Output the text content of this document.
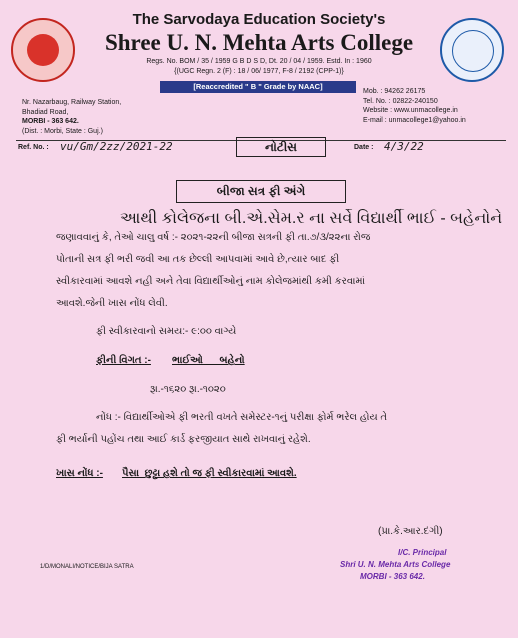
The Sarvodaya Education Society's
Shree U. N. Mehta Arts College
Regs. No. BOM / 35 / 1959 G B D S D, Dt. 20 / 04 / 1959. Estd. In : 1960
{(UGC Regn. 2 (F) : 18 / 06/ 1977, F-8 / 2192 (CPP-1)}
[Reaccredited " B " Grade by NAAC]
Nr. Nazarbaug, Railway Station,
Bhadiad Road,
MORBI - 363 642.
(Dist. : Morbi, State : Guj.)
Mob. : 94262 26175
Tel. No. : 02822-240150
Website : www.unmacollege.in
E-mail : unmacollege1@yahoo.in
Ref. No. : vu/Gm/2zz/2021-22	નોટીસ	Date : 4/3/22
બીજા સત્ર ફી અંગે
આથી કોલેજના બી.એ.સેમ.ર ના સર્વે વિદ્યાર્થી ભાઈ - બહેનોને
જણાવવાનું કે, તેઓ ચાલુ વર્ષ :- ૨૦૨૧-૨૨ની બીજા સત્રની ફી તા.૭/૩/૨૨ના રોજ
પોતાની સત્ર ફી ભરી જવી આ તક છેલ્લી આપવામાં આવે છે,ત્યાર બાદ ફી
સ્વીકારવામાં આવશે નહી અને તેવા વિદ્યાર્થીઓનું નામ કોલેજમાંથી કમી કરવામાં
આવશે.જેની ખાસ નોંધ લેવી.
ફી સ્વીકારવાનો સમય:- ૯:૦૦ વાગ્યે
ફીની વિગત :- ભાઈઓ      બહેનો
રૂા.-૧૬૨૦ રૂા.-૧૦૨૦
નોંધ :- વિદ્યાર્થીઓએ ફી ભરતી વખતે સમેસ્ટર-૧નું પરીક્ષા ફોર્મ ભરેલ હોય તે
ફી ભર્યાની પહોંચ તથા આઈ કાર્ડ ફરજીયાત સાથે રાખવાનું રહેશે.
ખાસ નોંધ :- પૈસા  છુટ્ટા હશે તો જ ફી સ્વીકારવામાં આવશે.
(પ્રા.કે.આર.દંગી)
I/C. Principal
Shri U. N. Mehta Arts College
MORBI - 363 642.
1/D/MONALI/NOTICE/BIJA SATRA
